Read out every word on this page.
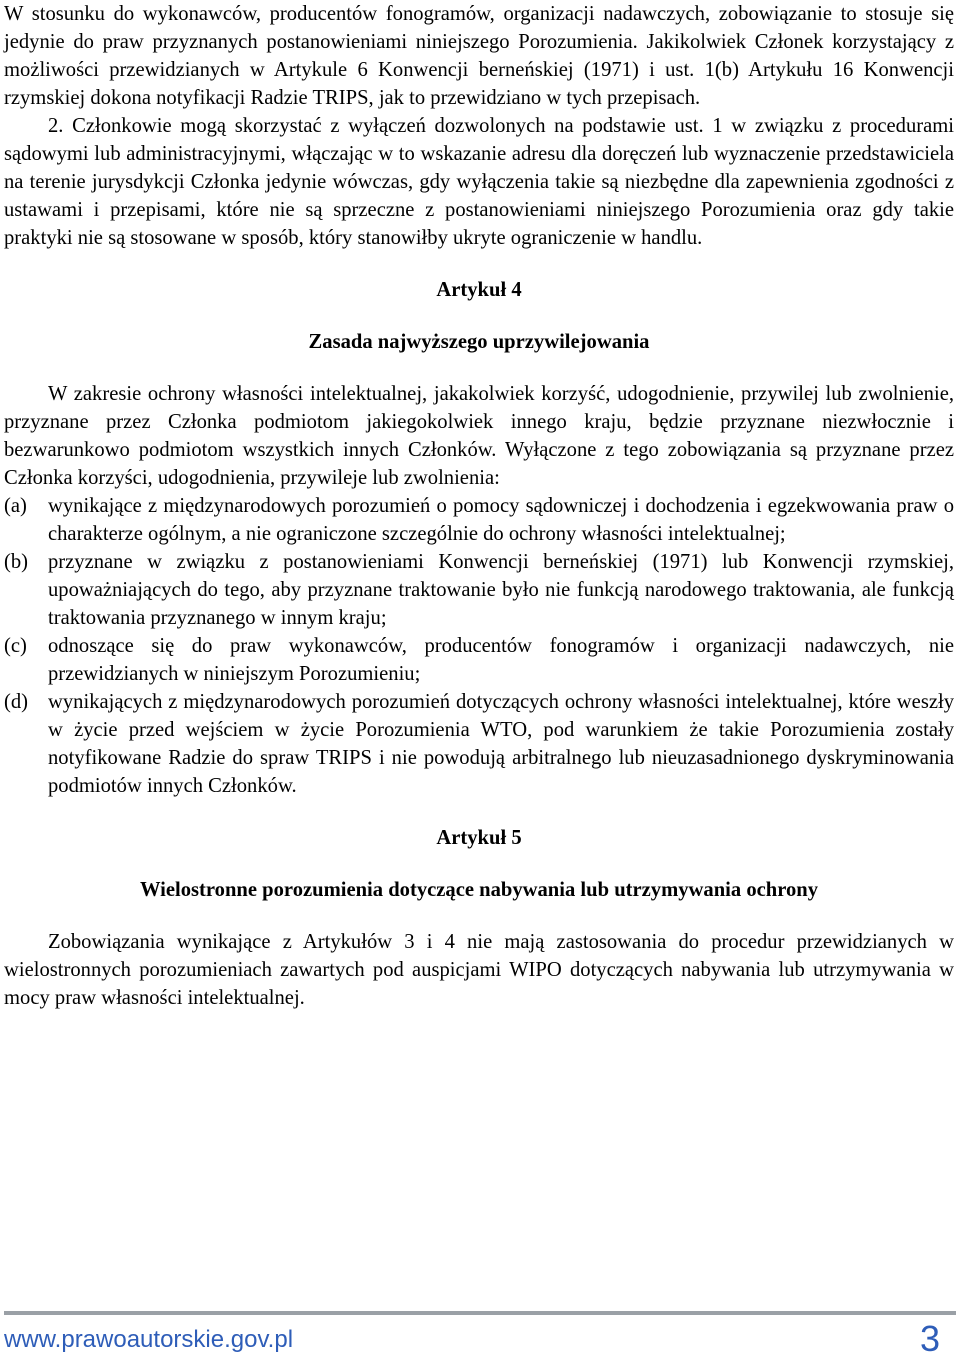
W stosunku do wykonawców, producentów fonogramów, organizacji nadawczych, zobowiązanie to stosuje się jedynie do praw przyznanych postanowieniami niniejszego Porozumienia. Jakikolwiek Członek korzystający z możliwości przewidzianych w Artykule 6 Konwencji berneńskiej (1971) i ust. 1(b) Artykułu 16 Konwencji rzymskiej dokona notyfikacji Radzie TRIPS, jak to przewidziano w tych przepisach.

2. Członkowie mogą skorzystać z wyłączeń dozwolonych na podstawie ust. 1 w związku z procedurami sądowymi lub administracyjnymi, włączając w to wskazanie adresu dla doręczeń lub wyznaczenie przedstawiciela na terenie jurysdykcji Członka jedynie wówczas, gdy wyłączenia takie są niezbędne dla zapewnienia zgodności z ustawami i przepisami, które nie są sprzeczne z postanowieniami niniejszego Porozumienia oraz gdy takie praktyki nie są stosowane w sposób, który stanowiłby ukryte ograniczenie w handlu.

Artykuł 4
Zasada najwyższego uprzywilejowania

W zakresie ochrony własności intelektualnej, jakakolwiek korzyść, udogodnienie, przywilej lub zwolnienie, przyznane przez Członka podmiotom jakiegokolwiek innego kraju, będzie przyznane niezwłocznie i bezwarunkowo podmiotom wszystkich innych Członków. Wyłączone z tego zobowiązania są przyznane przez Członka korzyści, udogodnienia, przywileje lub zwolnienia:

(a) wynikające z międzynarodowych porozumień o pomocy sądowniczej i dochodzenia i egzekwowania praw o charakterze ogólnym, a nie ograniczone szczególnie do ochrony własności intelektualnej;
(b) przyznane w związku z postanowieniami Konwencji berneńskiej (1971) lub Konwencji rzymskiej, upoważniających do tego, aby przyznane traktowanie było nie funkcją narodowego traktowania, ale funkcją traktowania przyznanego w innym kraju;
(c) odnoszące się do praw wykonawców, producentów fonogramów i organizacji nadawczych, nie przewidzianych w niniejszym Porozumieniu;
(d) wynikających z międzynarodowych porozumień dotyczących ochrony własności intelektualnej, które weszły w życie przed wejściem w życie Porozumienia WTO, pod warunkiem że takie Porozumienia zostały notyfikowane Radzie do spraw TRIPS i nie powodują arbitralnego lub nieuzasadnionego dyskryminowania podmiotów innych Członków.
Artykuł 5
Wielostronne porozumienia dotyczące nabywania lub utrzymywania ochrony

Zobowiązania wynikające z Artykułów 3 i 4 nie mają zastosowania do procedur przewidzianych w wielostronnych porozumieniach zawartych pod auspicjami WIPO dotyczących nabywania lub utrzymywania w mocy praw własności intelektualnej.

www.prawoautorskie.gov.pl	3
